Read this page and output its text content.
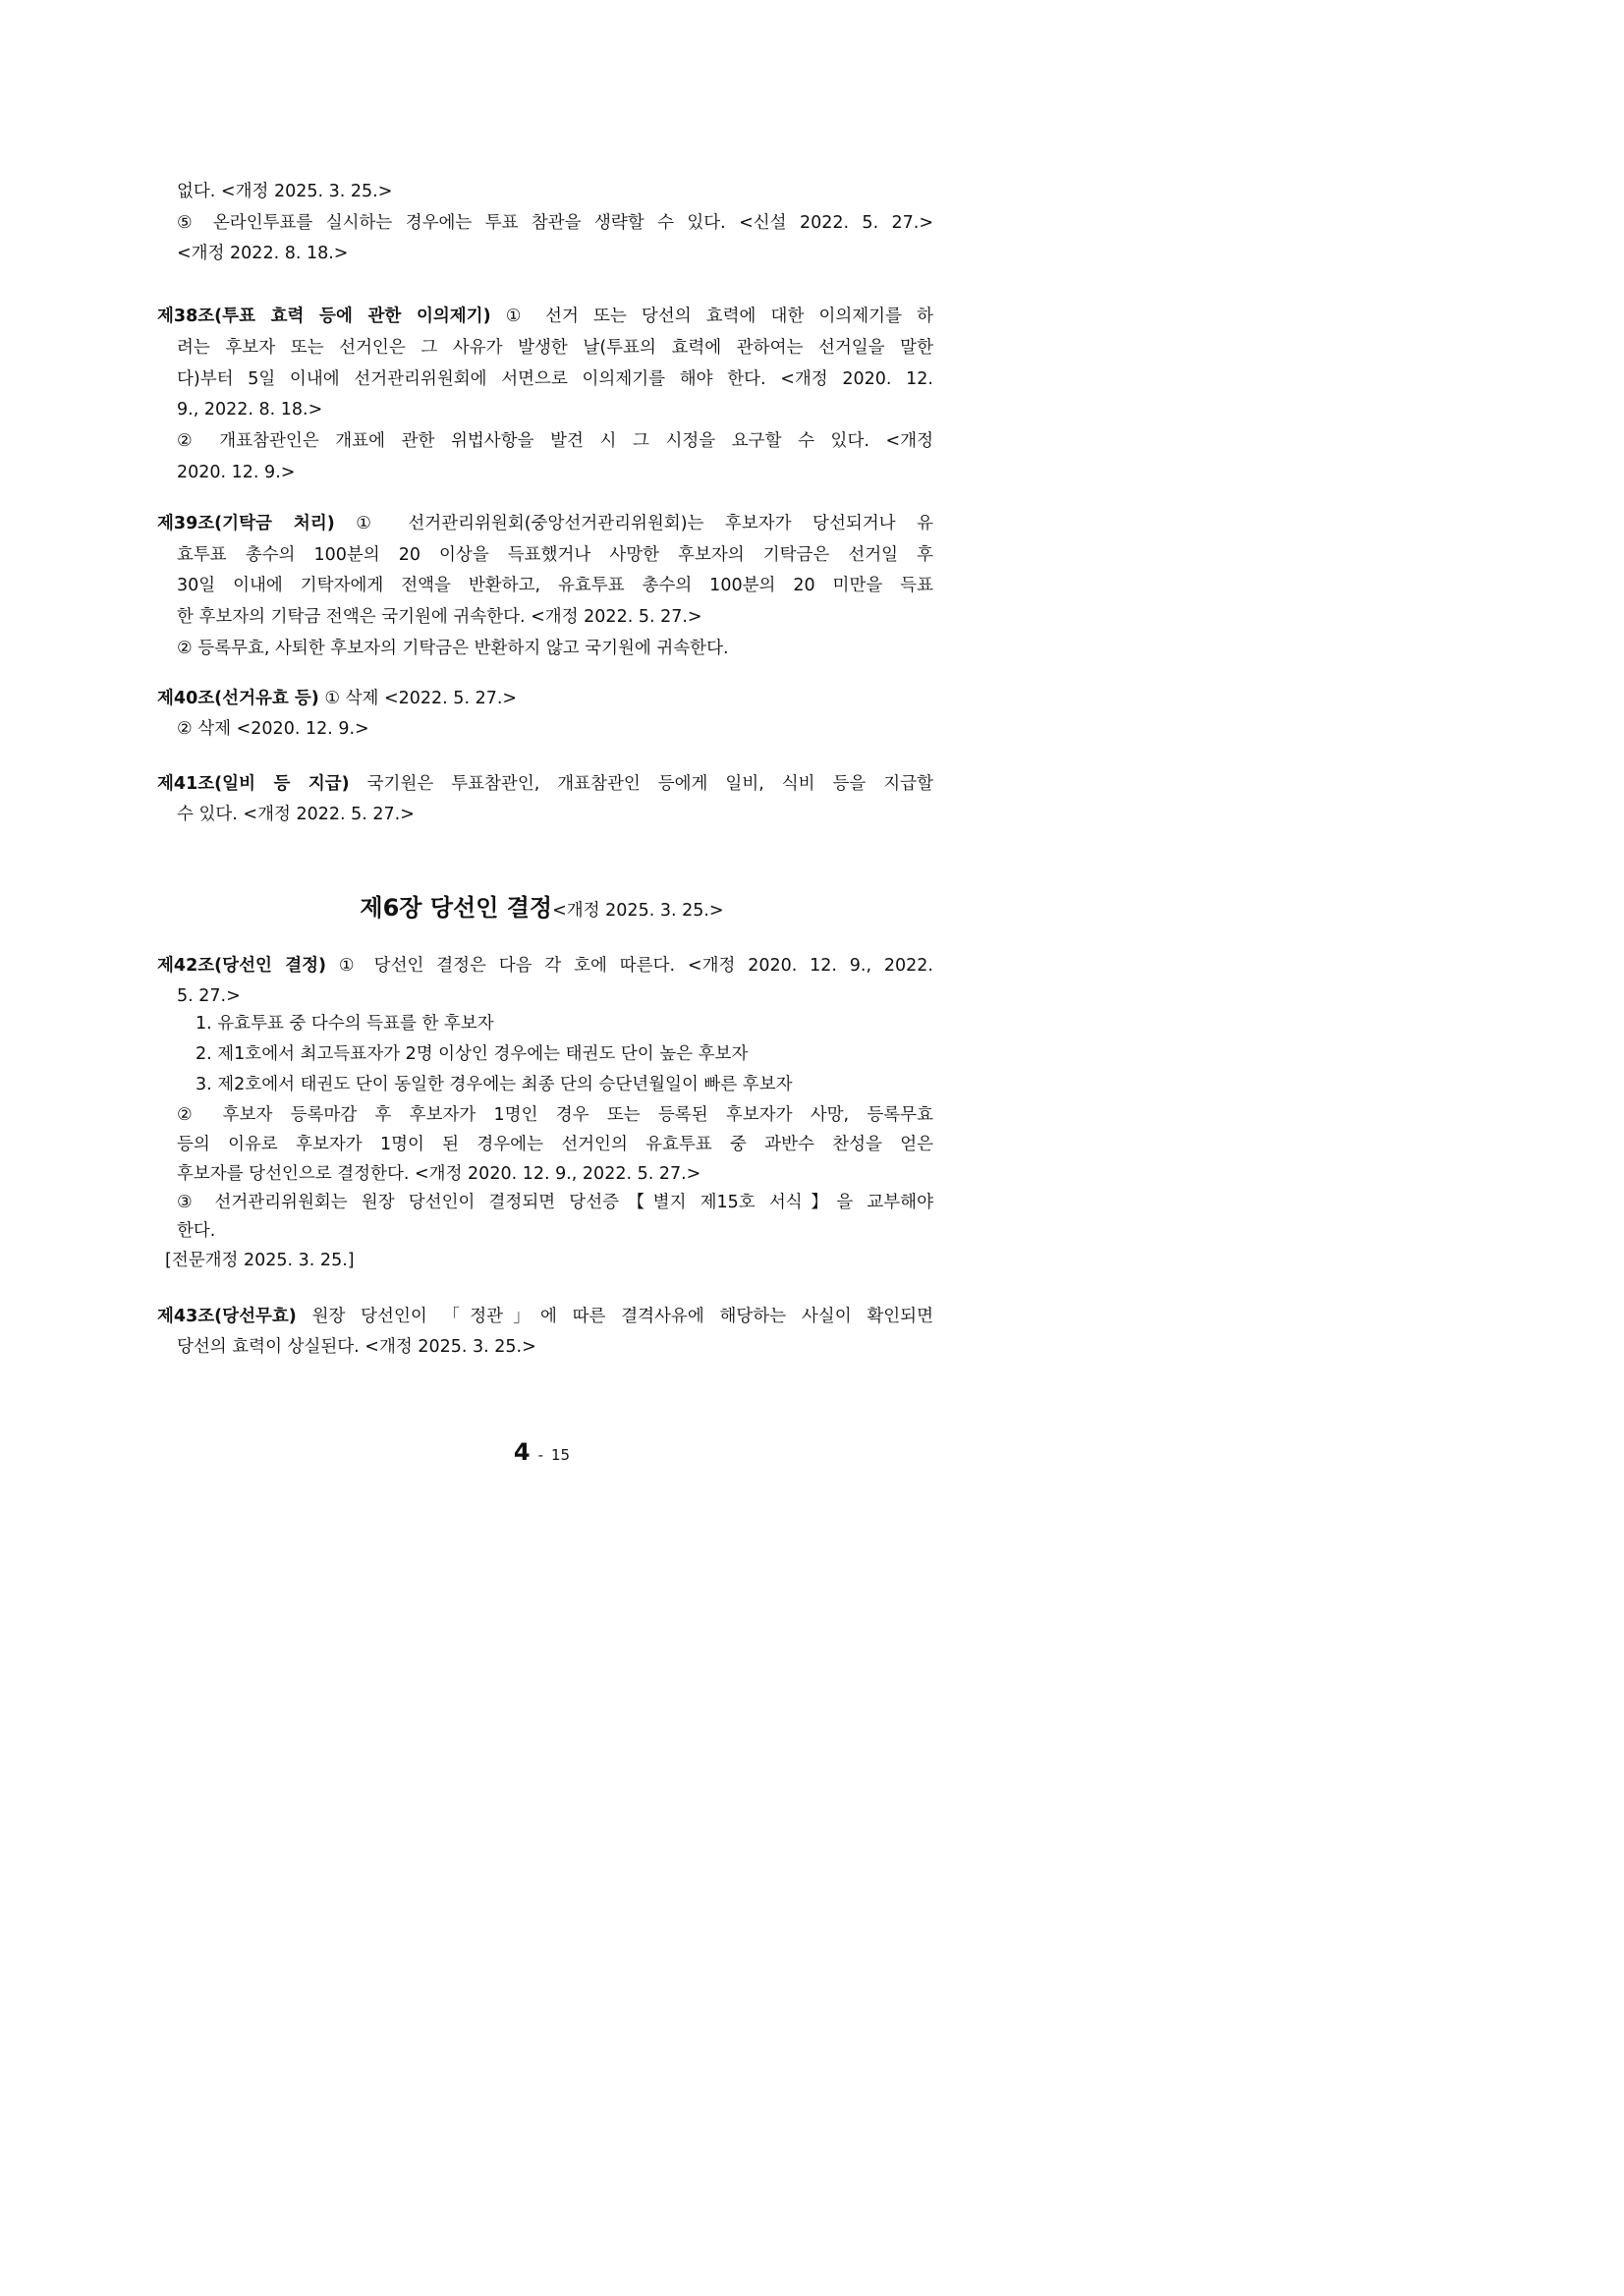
없다. <개정 2025. 3. 25.>
⑤ 온라인투표를 실시하는 경우에는 투표 참관을 생략할 수 있다. <신설 2022. 5. 27.>
<개정 2022. 8. 18.>
제38조(투표 효력 등에 관한 이의제기) ① 선거 또는 당선의 효력에 대한 이의제기를 하
려는 후보자 또는 선거인은 그 사유가 발생한 날(투표의 효력에 관하여는 선거일을 말한
다)부터 5일 이내에 선거관리위원회에 서면으로 이의제기를 해야 한다. <개정 2020. 12.
9., 2022. 8. 18.>
② 개표참관인은 개표에 관한 위법사항을 발견 시 그 시정을 요구할 수 있다. <개정
2020. 12. 9.>
제39조(기탁금 처리) ① 선거관리위원회(중앙선거관리위원회)는 후보자가 당선되거나 유
효투표 총수의 100분의 20 이상을 득표했거나 사망한 후보자의 기탁금은 선거일 후
30일 이내에 기탁자에게 전액을 반환하고, 유효투표 총수의 100분의 20 미만을 득표
한 후보자의 기탁금 전액은 국기원에 귀속한다. <개정 2022. 5. 27.>
② 등록무효, 사퇴한 후보자의 기탁금은 반환하지 않고 국기원에 귀속한다.
제40조(선거유효 등) ① 삭제 <2022. 5. 27.>
② 삭제 <2020. 12. 9.>
제41조(일비 등 지급) 국기원은 투표참관인, 개표참관인 등에게 일비, 식비 등을 지급할
수 있다. <개정 2022. 5. 27.>
제6장 당선인 결정<개정 2025. 3. 25.>
제42조(당선인 결정) ① 당선인 결정은 다음 각 호에 따른다. <개정 2020. 12. 9., 2022.
5. 27.>
1. 유효투표 중 다수의 득표를 한 후보자
2. 제1호에서 최고득표자가 2명 이상인 경우에는 태권도 단이 높은 후보자
3. 제2호에서 태권도 단이 동일한 경우에는 최종 단의 승단년월일이 빠른 후보자
② 후보자 등록마감 후 후보자가 1명인 경우 또는 등록된 후보자가 사망, 등록무효
등의 이유로 후보자가 1명이 된 경우에는 선거인의 유효투표 중 과반수 찬성을 얻은
후보자를 당선인으로 결정한다. <개정 2020. 12. 9., 2022. 5. 27.>
③ 선거관리위원회는 원장 당선인이 결정되면 당선증【별지 제15호 서식】을 교부해야
한다.
[전문개정 2025. 3. 25.]
제43조(당선무효) 원장 당선인이 「정관」에 따른 결격사유에 해당하는 사실이 확인되면
당선의 효력이 상실된다. <개정 2025. 3. 25.>
4 - 15
